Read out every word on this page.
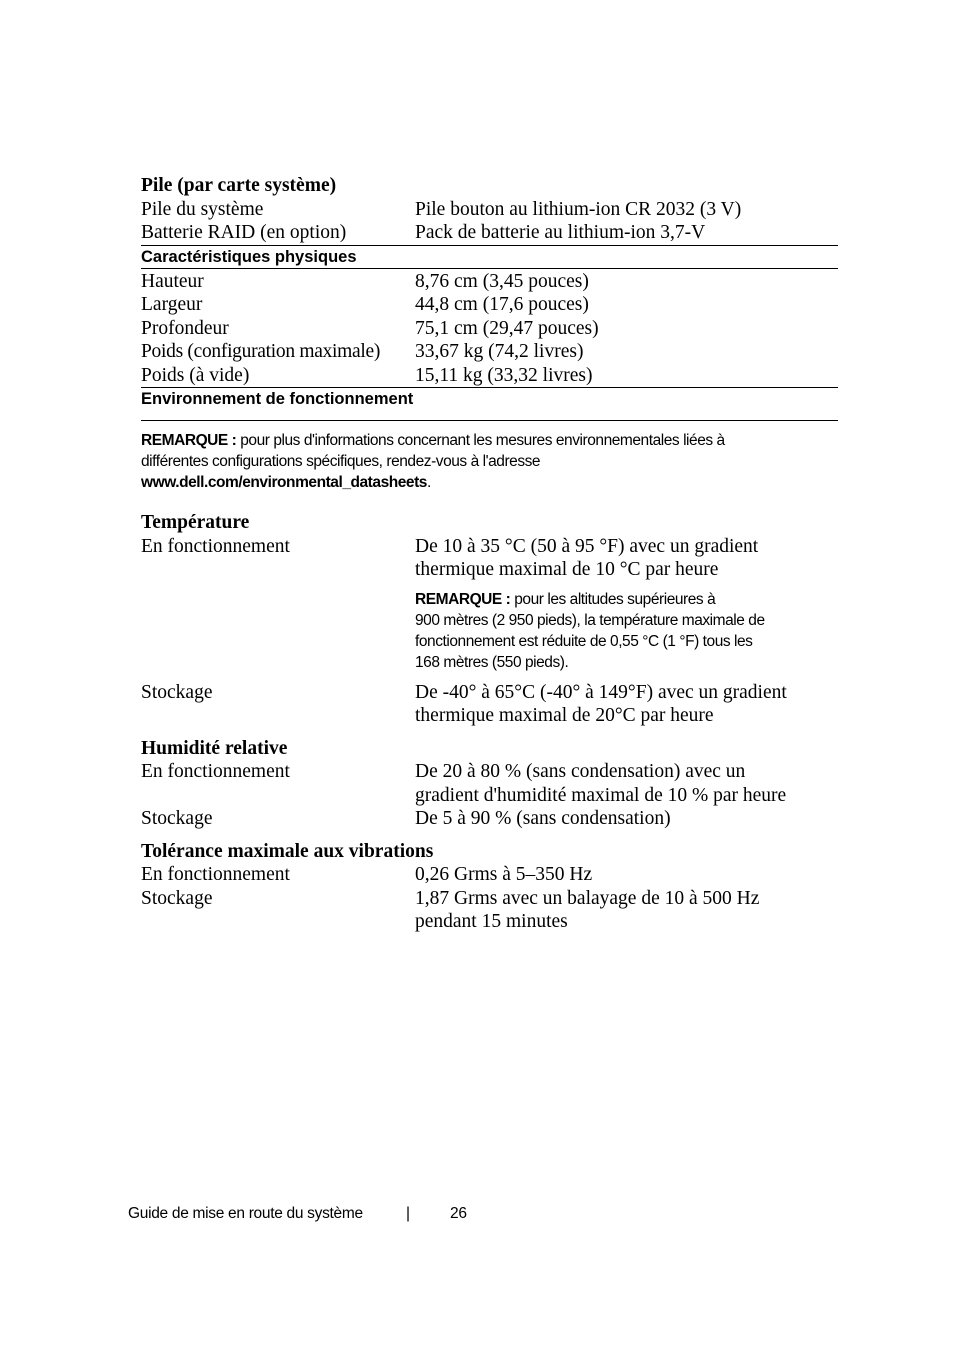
Pile (par carte système)
Pile du système	Pile bouton au lithium-ion CR 2032 (3 V)
Batterie RAID (en option)	Pack de batterie au lithium-ion 3,7-V
Caractéristiques physiques
Hauteur	8,76 cm (3,45 pouces)
Largeur	44,8 cm (17,6 pouces)
Profondeur	75,1 cm (29,47 pouces)
Poids (configuration maximale)	33,67 kg (74,2 livres)
Poids (à vide)	15,11 kg (33,32 livres)
Environnement de fonctionnement
REMARQUE : pour plus d'informations concernant les mesures environnementales liées à
différentes configurations spécifiques, rendez-vous à l'adresse
www.dell.com/environmental_datasheets.
Température
En fonctionnement	De 10 à 35 °C (50 à 95 °F) avec un gradient
thermique maximal de 10 °C par heure
REMARQUE : pour les altitudes supérieures à
900 mètres (2 950 pieds), la température maximale de
fonctionnement est réduite de 0,55 °C (1 °F) tous les
168 mètres (550 pieds).
Stockage	De -40° à 65°C (-40° à 149°F) avec un gradient
thermique maximal de 20°C par heure
Humidité relative
En fonctionnement	De 20 à 80 % (sans condensation) avec un
gradient d'humidité maximal de 10 % par heure
Stockage	De 5 à 90 % (sans condensation)
Tolérance maximale aux vibrations
En fonctionnement	0,26 Grms à 5–350 Hz
Stockage	1,87 Grms avec un balayage de 10 à 500 Hz
pendant 15 minutes
Guide de mise en route du système	|	26
